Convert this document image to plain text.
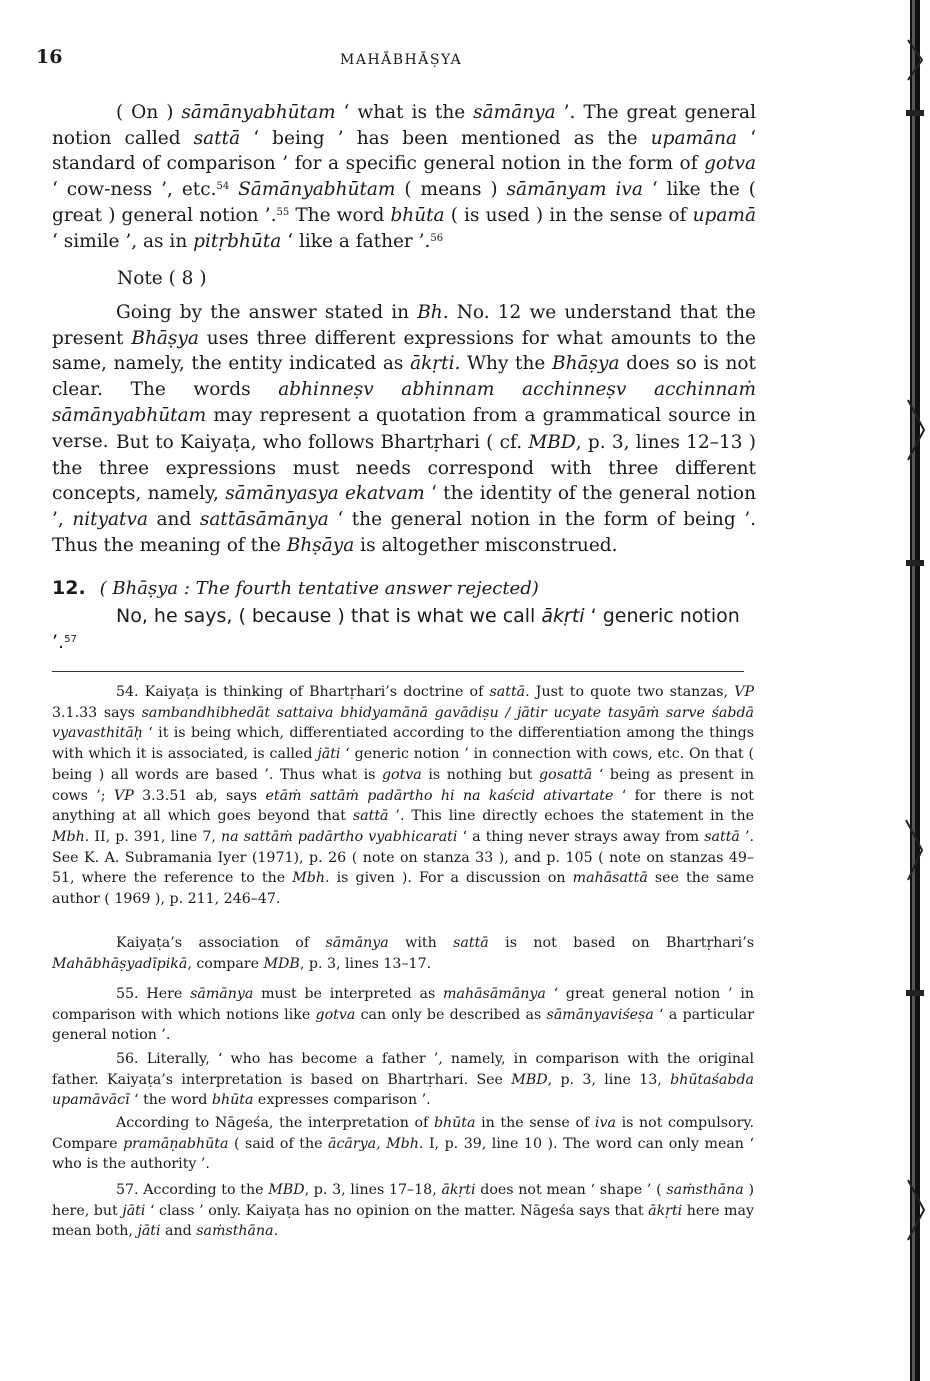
16	MAHĀBHĀṢYA

( On ) sāmānyabhūtam ‘ what is the sāmānya ’. The great general notion called sattā ‘ being ’ has been mentioned as the upamāna ‘ standard of comparison ’ for a specific general notion in the form of gotva ‘ cow-ness ’, etc.$^{54}$ Sāmānyabhūtam ( means ) sāmānyam iva ‘ like the ( great ) general notion ’.$^{55}$ The word bhūta ( is used ) in the sense of upamā ‘ simile ’, as in pitṛbhūta ‘ like a father ’.$^{56}$

Note ( 8 )

Going by the answer stated in Bh. No. 12 we understand that the present Bhāṣya uses three different expressions for what amounts to the same, namely, the entity indicated as ākṛti. Why the Bhāṣya does so is not clear. The words abhinneṣv abhinnam acchinneṣv acchinnaṁ sāmānyabhūtam may represent a quotation from a grammatical source in verse. But to Kaiyaṭa, who follows Bhartṛhari ( cf. MBD, p. 3, lines 12–13 ) the three expressions must needs correspond with three different concepts, namely, sāmānyasya ekatvam ‘ the identity of the general notion ’, nityatva and sattāsāmānya ‘ the general notion in the form of being ’. Thus the meaning of the Bhṣāya is altogether misconstrued.

12. ( Bhāṣya : The fourth tentative answer rejected)
No, he says, ( because ) that is what we call ākṛti ‘ generic notion ’.$^{57}$

54. Kaiyaṭa is thinking of Bhartṛhari’s doctrine of sattā. Just to quote two stanzas, VP 3.1.33 says sambandhibhedāt sattaiva bhidyamānā gavādiṣu / jātir ucyate tasyāṁ sarve śabdā vyavasthitāḥ ‘ it is being which, differentiated according to the differentiation among the things with which it is associated, is called jāti ‘ generic notion ’ in connection with cows, etc. On that ( being ) all words are based ’. Thus what is gotva is nothing but gosattā ‘ being as present in cows ’; VP 3.3.51 ab, says etāṁ sattāṁ padārtho hi na kaścid ativartate ‘ for there is not anything at all which goes beyond that sattā ’. This line directly echoes the statement in the Mbh. II, p. 391, line 7, na sattāṁ padārtho vyabhicarati ‘ a thing never strays away from sattā ’. See K. A. Subramania Iyer (1971), p. 26 ( note on stanza 33 ), and p. 105 ( note on stanzas 49–51, where the reference to the Mbh. is given ). For a discussion on mahāsattā see the same author ( 1969 ), p. 211, 246–47.

Kaiyaṭa’s association of sāmānya with sattā is not based on Bhartṛhari’s Mahābhāṣyadīpikā, compare MDB, p. 3, lines 13–17.

55. Here sāmānya must be interpreted as mahāsāmānya ‘ great general notion ’ in comparison with which notions like gotva can only be described as sāmānyaviśeṣa ‘ a particular general notion ’.

56. Literally, ‘ who has become a father ’, namely, in comparison with the original father. Kaiyaṭa’s interpretation is based on Bhartṛhari. See MBD, p. 3, line 13, bhūtaśabda upamāvācī ‘ the word bhūta expresses comparison ’.

According to Nāgeśa, the interpretation of bhūta in the sense of iva is not compulsory. Compare pramāṇabhūta ( said of the ācārya, Mbh. I, p. 39, line 10 ). The word can only mean ‘ who is the authority ’.

57. According to the MBD, p. 3, lines 17–18, ākṛti does not mean ‘ shape ’ ( saṁsthāna ) here, but jāti ‘ class ’ only. Kaiyaṭa has no opinion on the matter. Nāgeśa says that ākṛti here may mean both, jāti and saṁsthāna.
